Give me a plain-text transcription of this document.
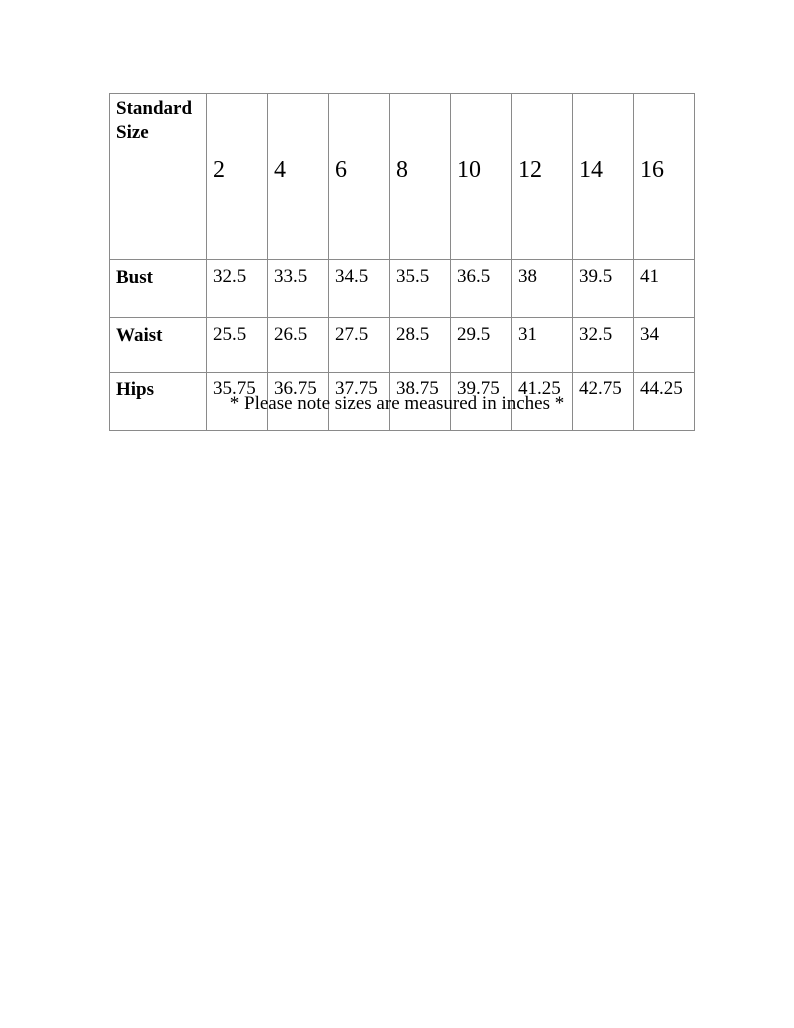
Standard Size	2	4	6	8	10	12	14	16
Bust	32.5	33.5	34.5	35.5	36.5	38	39.5	41
Waist	25.5	26.5	27.5	28.5	29.5	31	32.5	34
Hips	35.75	36.75	37.75	38.75	39.75	41.25	42.75	44.25
* Please note sizes are measured in inches *
